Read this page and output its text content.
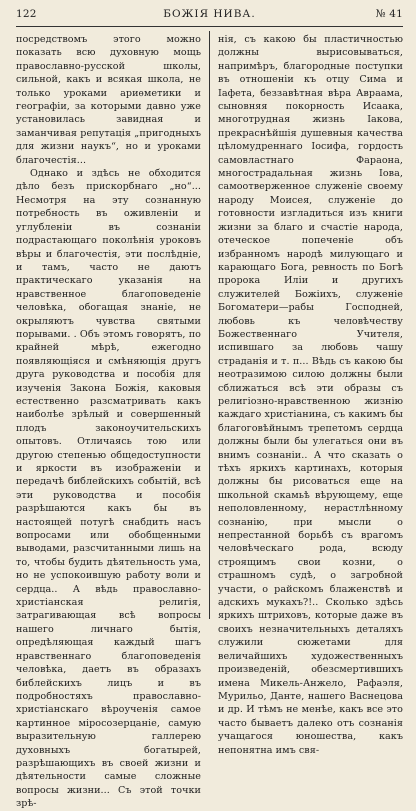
122	БОЖІЯ НИВА.	№ 41

посредствомъ этого можно показать всю духовную мощь православно-русской школы, сильной, какъ и всякая школа, не только уроками ариѳметики и географіи, за которыми давно уже установилась завидная и заманчивая репутація „пригодныхъ для жизни наукъ“, но и уроками благочестія...

Однако и здѣсь не обходится дѣло безъ прискорбнаго „но“... Несмотря на эту сознанную потребность въ оживленіи и углубленіи въ сознаніи подрастающаго поколѣнія уроковъ вѣры и благочестія, эти послѣдніе, и тамъ, часто не даютъ практическаго указанія на нравственное благоповеденіе человѣка, обогащая знаніе, не окрыляютъ чувства святыми порывами. . Объ этомъ говорятъ, по крайней мѣрѣ, ежегодно появляющіяся и смѣняющія другъ друга руководства и пособія для изученія Закона Божія, каковыя естественно разсматривать какъ наиболѣе зрѣлый и совершенный плодъ законоучительскихъ опытовъ. Отличаясь тою или другою степенью общедоступности и яркости въ изображеніи и передачѣ библейскихъ событій, всѣ эти руководства и пособія разрѣшаются какъ бы въ настоящей потугѣ снабдить насъ вопросами или обобщенными выводами, разсчитанными лишь на то, чтобы будить дѣятельность ума, но не успокоившую работу воли и сердца.. А вѣдь православно-христіанская религія, затрагивающая всѣ вопросы нашего личнаго бытія, опредѣляющая каждый шагъ нравственнаго благоповеденія человѣка, даетъ въ образахъ библейскихъ лицъ и въ подробностяхъ православно-христіанскаго вѣроученія самое картинное міросозерцаніе, самую выразительную галлерею духовныхъ богатырей, разрѣшающихъ въ своей жизни и дѣятельности самые сложные вопросы жизни... Съ этой точки зрѣ-

нія, съ какою бы пластичностью должны вырисовываться, напримѣръ, благородные поступки въ отношеніи къ отцу Сима и Іафета, беззавѣтная вѣра Авраама, сыновняя покорность Исаака, многотрудная жизнь Іакова, прекраснѣйшія душевныя качества цѣломудреннаго Іосифа, гордость самовластнаго Фараона, многострадальная жизнь Іова, самоотверженное служеніе своему народу Моисея, служеніе до готовности изгладиться изъ книги жизни за благо и счастіе народа, отеческое попеченіе объ избранномъ народѣ милующаго и карающаго Бога, ревность по Богѣ пророка Иліи и другихъ служителей Божіихъ, служеніе Богоматери—рабы Господней, любовь къ человѣчеству Божественнаго Учителя, испившаго за любовь чашу страданія и т. п... Вѣдь съ какою бы неотразимою силою должны были сближаться всѣ эти образы съ религіозно-нравственною жизнію каждаго христіанина, съ какимъ бы благоговѣйнымъ трепетомъ сердца должны были бы улегаться они въ внимъ сознаніи.. А что сказать о тѣхъ яркихъ картинахъ, которыя должны бы рисоваться еще на школьной скамьѣ вѣрующему, еще неполовленному, нерастлѣнному сознанію, при мысли о непрестанной борьбѣ съ врагомъ человѣческаго рода, всюду строящимъ свои козни, о страшномъ судѣ, о загробной участи, о райскомъ блаженствѣ и адскихъ мукахъ?!.. Сколько здѣсь яркихъ штриховъ, которые даже въ своихъ незначительныхъ деталяхъ служили сюжетами для величайшихъ художественныхъ произведеній, обезсмертившихъ имена Микель-Анжело, Рафаэля, Мурильо, Данте, нашего Васнецова и др. И тѣмъ не менѣе, какъ все это часто бываетъ далеко отъ сознанія учащагося юношества, какъ непонятна имъ свя-
